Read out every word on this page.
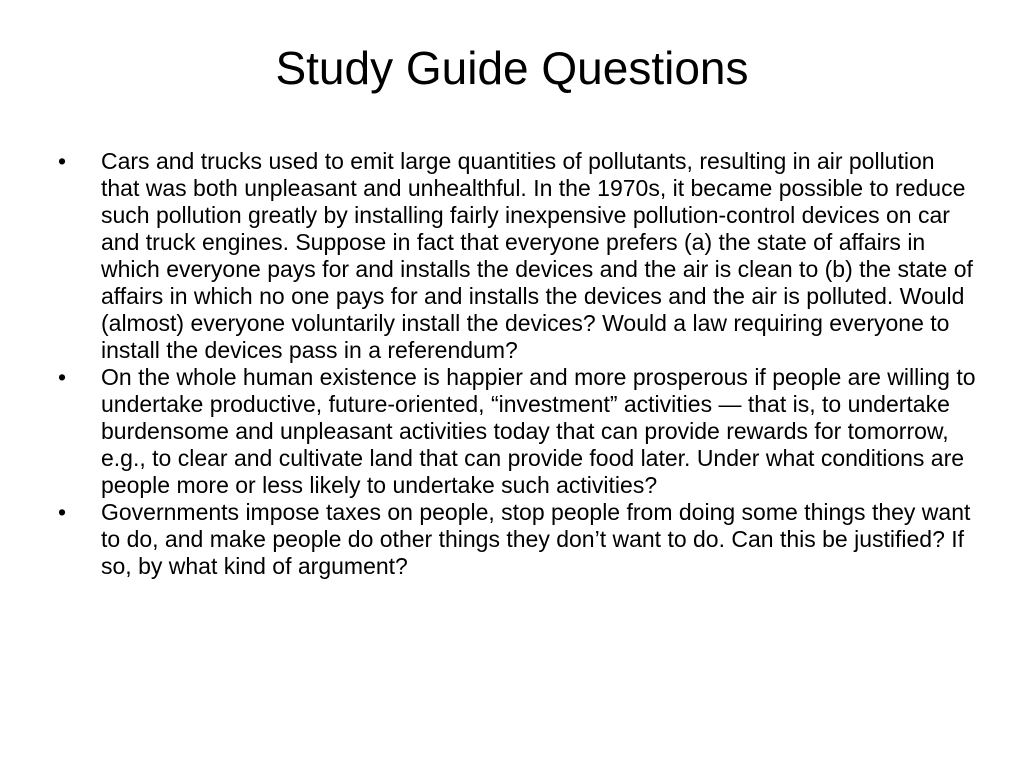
Study Guide Questions
•	Cars and trucks used to emit large quantities of pollutants, resulting in air pollution that was both unpleasant and unhealthful. In the 1970s, it became possible to reduce such pollution greatly by installing fairly inexpensive pollution-control devices on car and truck engines. Suppose in fact that everyone prefers (a) the state of affairs in which everyone pays for and installs the devices and the air is clean to (b) the state of affairs in which no one pays for and installs the devices and the air is polluted. Would (almost) everyone voluntarily install the devices? Would a law requiring everyone to install the devices pass in a referendum?
•	On the whole human existence is happier and more prosperous if people are willing to undertake productive, future-oriented, “investment” activities — that is, to undertake burdensome and unpleasant activities today that can provide rewards for tomorrow, e.g., to clear and cultivate land that can provide food later. Under what conditions are people more or less likely to undertake such activities?
•	Governments impose taxes on people, stop people from doing some things they want to do, and make people do other things they don’t want to do. Can this be justified? If so, by what kind of argument?
